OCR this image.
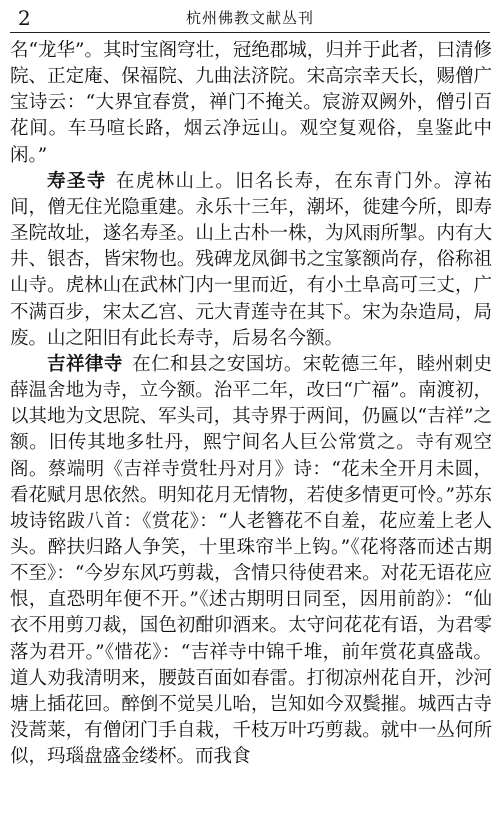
2	杭州佛教文献丛刊

名“龙华”。其时宝阁穹壮，冠绝郡城，归并于此者，曰清修院、正定庵、保福院、九曲法济院。宋高宗幸天长，赐僧广宝诗云：“大界宜春赏，禅门不掩关。宸游双阙外，僧引百花间。车马喧长路，烟云净远山。观空复观俗，皇鉴此中闲。”

寿圣寺 在虎林山上。旧名长寿，在东青门外。淳祐间，僧无住光隐重建。永乐十三年，潮坏，徙建今所，即寿圣院故址，遂名寿圣。山上古朴一株，为风雨所掣。内有大井、银杏，皆宋物也。残碑龙凤御书之宝篆额尚存，俗称祖山寺。虎林山在武林门内一里而近，有小土阜高可三丈，广不满百步，宋太乙宫、元大青莲寺在其下。宋为杂造局，局废。山之阳旧有此长寿寺，后易名今额。

吉祥律寺 在仁和县之安国坊。宋乾德三年，睦州刺史薛温舍地为寺，立今额。治平二年，改曰“广福”。南渡初，以其地为文思院、军头司，其寺界于两间，仍匾以“吉祥”之额。旧传其地多牡丹，熙宁间名人巨公常赏之。寺有观空阁。蔡端明《吉祥寺赏牡丹对月》诗：“花未全开月未圆，看花赋月思依然。明知花月无情物，若使多情更可怜。”苏东坡诗铭跋八首：《赏花》：“人老簪花不自羞，花应羞上老人头。醉扶归路人争笑，十里珠帘半上钩。”《花将落而述古期不至》：“今岁东风巧剪裁，含情只待使君来。对花无语花应恨，直恐明年便不开。”《述古期明日同至，因用前韵》：“仙衣不用剪刀裁，国色初酣卯酒来。太守问花花有语，为君零落为君开。”《惜花》：“吉祥寺中锦千堆，前年赏花真盛哉。道人劝我清明来，腰鼓百面如春雷。打彻凉州花自开，沙河塘上插花回。醉倒不觉吴儿咍，岂知如今双鬓摧。城西古寺没蒿莱，有僧闭门手自栽，千枝万叶巧剪裁。就中一丛何所似，玛瑙盘盛金缕杯。而我食
